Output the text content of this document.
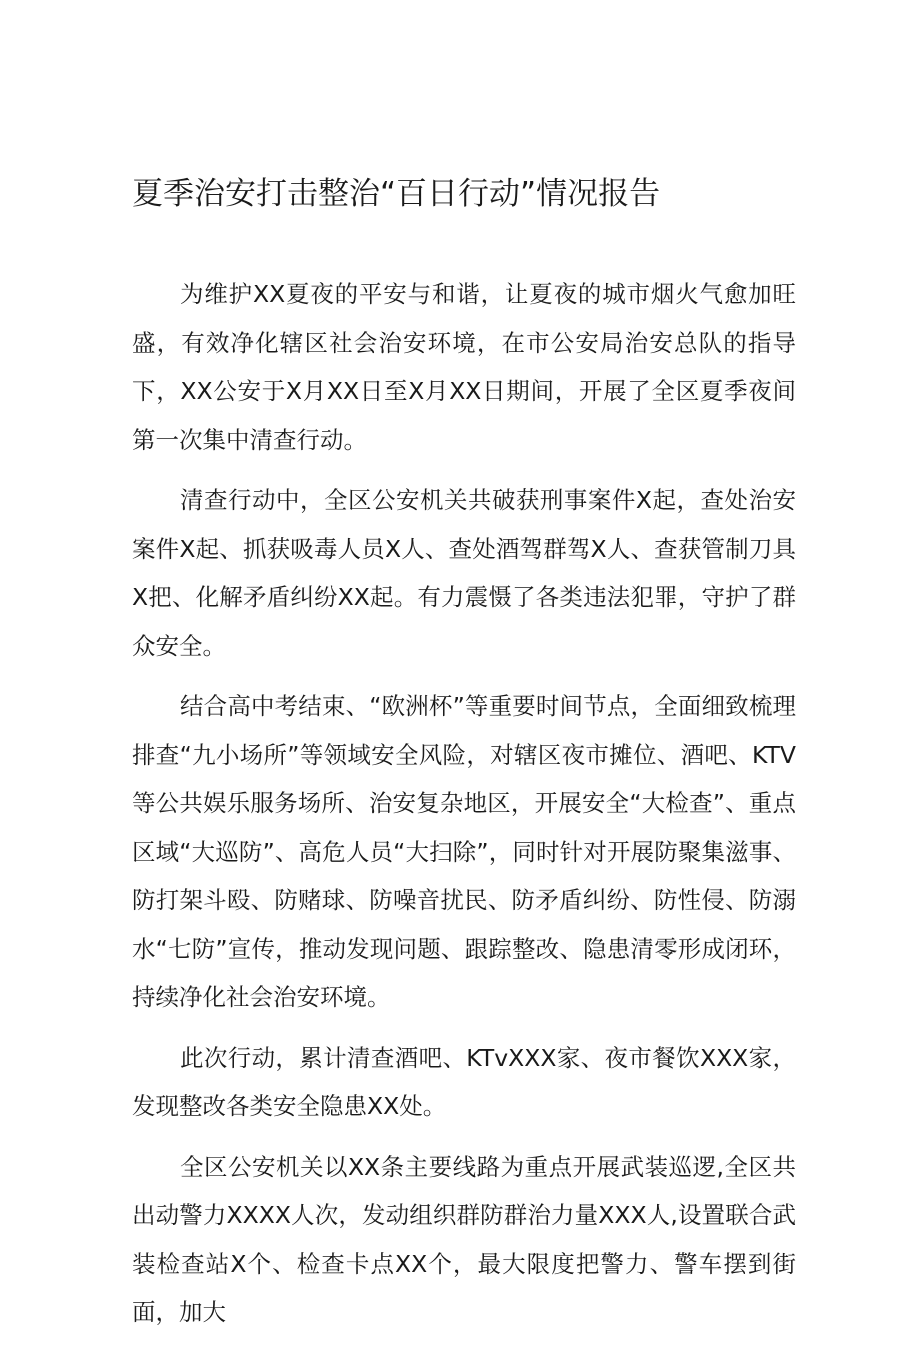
夏季治安打击整治“百日行动”情况报告

为维护XX夏夜的平安与和谐，让夏夜的城市烟火气愈加旺盛，有效净化辖区社会治安环境，在市公安局治安总队的指导下，XX公安于X月XX日至X月XX日期间，开展了全区夏季夜间第一次集中清查行动。

清查行动中，全区公安机关共破获刑事案件X起，查处治安案件X起、抓获吸毒人员X人、查处酒驾群驾X人、查获管制刀具X把、化解矛盾纠纷XX起。有力震慑了各类违法犯罪，守护了群众安全。

结合高中考结束、“欧洲杯”等重要时间节点，全面细致梳理排查“九小场所”等领域安全风险，对辖区夜市摊位、酒吧、KTV等公共娱乐服务场所、治安复杂地区，开展安全“大检查”、重点区域“大巡防”、高危人员“大扫除”，同时针对开展防聚集滋事、防打架斗殴、防赌球、防噪音扰民、防矛盾纠纷、防性侵、防溺水“七防”宣传，推动发现问题、跟踪整改、隐患清零形成闭环，持续净化社会治安环境。

此次行动，累计清查酒吧、KTvXXX家、夜市餐饮XXX家，发现整改各类安全隐患XX处。

全区公安机关以XX条主要线路为重点开展武装巡逻,全区共出动警力XXXX人次，发动组织群防群治力量XXX人,设置联合武装检查站X个、检查卡点XX个，最大限度把警力、警车摆到街面，加大
